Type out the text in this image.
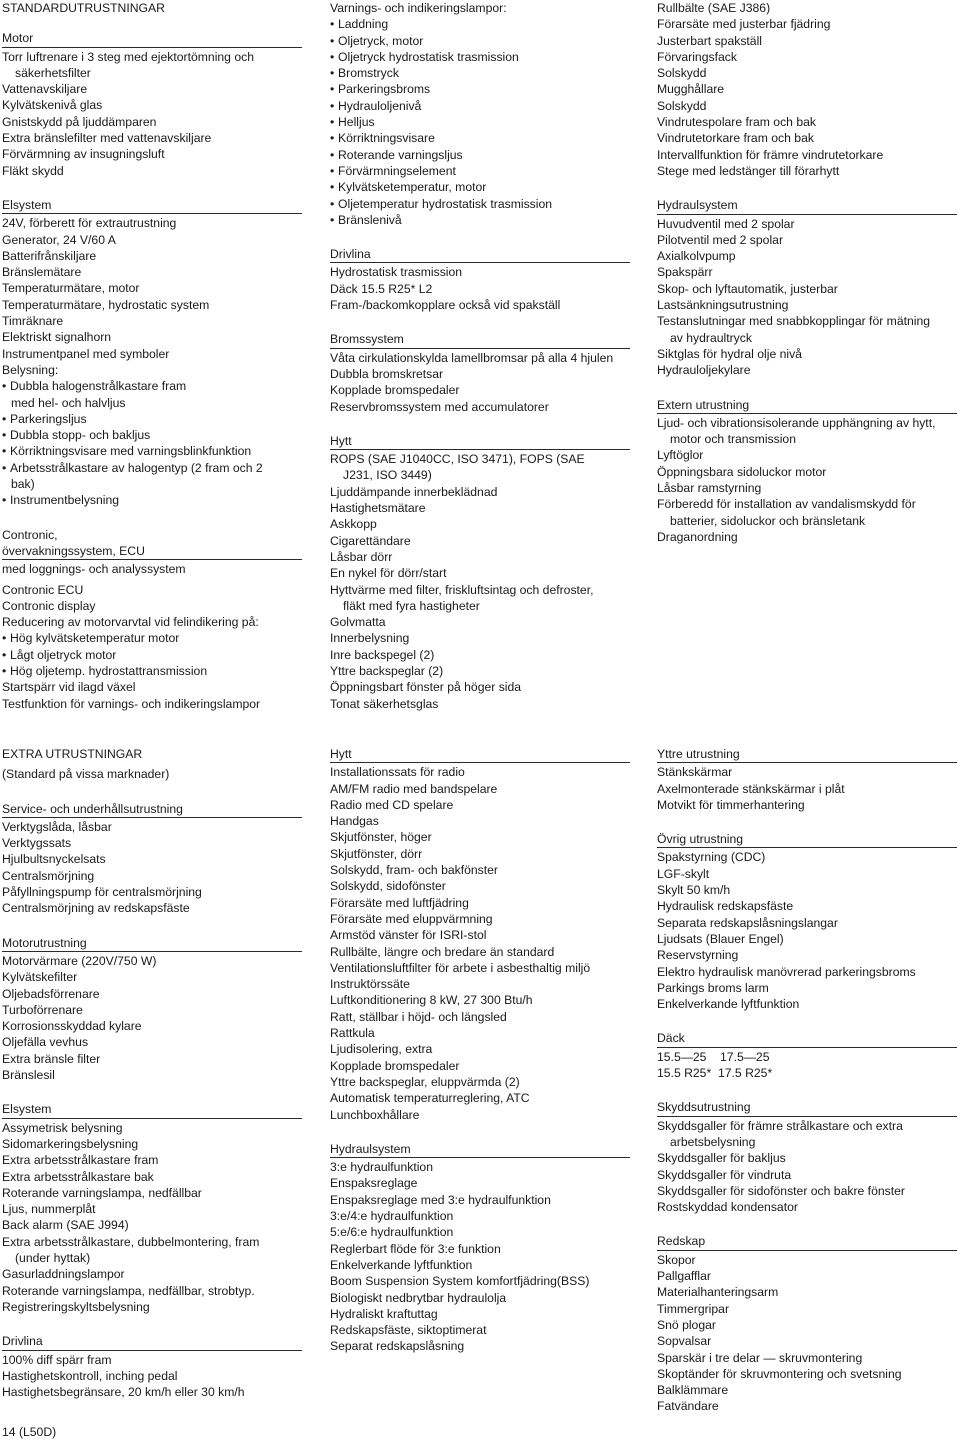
STANDARDUTRUSTNINGAR
Motor
Torr luftrenare i 3 steg med ejektortömning och
säkerhetsfilter
Vattenavskiljare
Kylvätskenivå glas
Gnistskydd på ljuddämparen
Extra bränslefilter med vattenavskiljare
Förvärmning av insugningsluft
Fläkt skydd
Elsystem
24V, förberett för extrautrustning
Generator, 24 V/60 A
Batterifrånskiljare
Bränslemätare
Temperaturmätare, motor
Temperaturmätare, hydrostatic system
Timräknare
Elektriskt signalhorn
Instrumentpanel med symboler
Belysning:
• Dubbla halogenstrålkastare fram
med hel- och halvljus
• Parkeringsljus
• Dubbla stopp- och bakljus
• Körriktningsvisare med varningsblinkfunktion
• Arbetsstrålkastare av halogentyp (2 fram och 2
bak)
• Instrumentbelysning
Contronic,
övervakningssystem, ECU
med loggnings- och analyssystem
Contronic ECU
Contronic display
Reducering av motorvarvtal vid felindikering på:
• Hög kylvätsketemperatur motor
• Lågt oljetryck motor
• Hög oljetemp. hydrostattransmission
Startspärr vid ilagd växel
Testfunktion för varnings- och indikeringslampor
Varnings- och indikeringslampor:
• Laddning
• Oljetryck, motor
• Oljetryck hydrostatisk trasmission
• Bromstryck
• Parkeringsbroms
• Hydrauloljenivå
• Helljus
• Körriktningsvisare
• Roterande varningsljus
• Förvärmningselement
• Kylvätsketemperatur, motor
• Oljetemperatur hydrostatisk trasmission
• Bränslenivå
Drivlina
Hydrostatisk trasmission
Däck 15.5 R25* L2
Fram-/backomkopplare också vid spakställ
Bromssystem
Våta cirkulationskylda lamellbromsar på alla 4 hjulen
Dubbla bromskretsar
Kopplade bromspedaler
Reservbromssystem med accumulatorer
Hytt
ROPS (SAE J1040CC, ISO 3471), FOPS (SAE
J231, ISO 3449)
Ljuddämpande innerbeklädnad
Hastighetsmätare
Askkopp
Cigarettändare
Låsbar dörr
En nykel för dörr/start
Hyttvärme med filter, friskluftsintag och defroster,
fläkt med fyra hastigheter
Golvmatta
Innerbelysning
Inre backspegel (2)
Yttre backspeglar (2)
Öppningsbart fönster på höger sida
Tonat säkerhetsglas
Rullbälte (SAE J386)
Förarsäte med justerbar fjädring
Justerbart spakställ
Förvaringsfack
Solskydd
Mugghållare
Solskydd
Vindrutespolare fram och bak
Vindrutetorkare fram och bak
Intervallfunktion för främre vindrutetorkare
Stege med ledstänger till förarhytt
Hydraulsystem
Huvudventil med 2 spolar
Pilotventil med 2 spolar
Axialkolvpump
Spakspärr
Skop- och lyftautomatik, justerbar
Lastsänkningsutrustning
Testanslutningar med snabbkopplingar för mätning
av hydraultryck
Siktglas för hydral olje nivå
Hydrauloljekylare
Extern utrustning
Ljud- och vibrationsisolerande upphängning av hytt,
motor och transmission
Lyftöglor
Öppningsbara sidoluckor motor
Låsbar ramstyrning
Förberedd för installation av vandalismskydd för
batterier, sidoluckor och bränsletank
Draganordning
EXTRA UTRUSTNINGAR
(Standard på vissa marknader)
Service- och underhållsutrustning
Verktygslåda, låsbar
Verktygssats
Hjulbultsnyckelsats
Centralsmörjning
Påfyllningspump för centralsmörjning
Centralsmörjning av redskapsfäste
Motorutrustning
Motorvärmare (220V/750 W)
Kylvätskefilter
Oljebadsförrenare
Turboförrenare
Korrosionsskyddad kylare
Oljefälla vevhus
Extra bränsle filter
Bränslesil
Elsystem
Assymetrisk belysning
Sidomarkeringsbelysning
Extra arbetsstrålkastare fram
Extra arbetsstrålkastare bak
Roterande varningslampa, nedfällbar
Ljus, nummerplåt
Back alarm (SAE J994)
Extra arbetsstrålkastare, dubbelmontering, fram
(under hyttak)
Gasurladdningslampor
Roterande varningslampa, nedfällbar, strobtyp.
Registreringskyltsbelysning
Drivlina
100% diff spärr fram
Hastighetskontroll, inching pedal
Hastighetsbegränsare, 20 km/h eller 30 km/h
Hytt
Installationssats för radio
AM/FM radio med bandspelare
Radio med CD spelare
Handgas
Skjutfönster, höger
Skjutfönster, dörr
Solskydd, fram- och bakfönster
Solskydd, sidofönster
Förarsäte med luftfjädring
Förarsäte med eluppvärmning
Armstöd vänster för ISRI-stol
Rullbälte, längre och bredare än standard
Ventilationsluftfilter för arbete i asbesthaltig miljö
Instruktörssäte
Luftkonditionering 8 kW, 27 300 Btu/h
Ratt, ställbar i höjd- och längsled
Rattkula
Ljudisolering, extra
Kopplade bromspedaler
Yttre backspeglar, eluppvärmda (2)
Automatisk temperaturreglering, ATC
Lunchboxhållare
Hydraulsystem
3:e hydraulfunktion
Enspaksreglage
Enspaksreglage med 3:e hydraulfunktion
3:e/4:e hydraulfunktion
5:e/6:e hydraulfunktion
Reglerbart flöde för 3:e funktion
Enkelverkande lyftfunktion
Boom Suspension System komfortfjädring(BSS)
Biologiskt nedbrytbar hydraulolja
Hydraliskt kraftuttag
Redskapsfäste, siktoptimerat
Separat redskapslåsning
Yttre utrustning
Stänkskärmar
Axelmonterade stänkskärmar i plåt
Motvikt för timmerhantering
Övrig utrustning
Spakstyrning (CDC)
LGF-skylt
Skylt 50 km/h
Hydraulisk redskapsfäste
Separata redskapslåsningslangar
Ljudsats (Blauer Engel)
Reservstyrning
Elektro hydraulisk manövrerad parkeringsbroms
Parkings broms larm
Enkelverkande lyftfunktion
Däck
15.5—25    17.5—25
15.5 R25*  17.5 R25*
Skyddsutrustning
Skyddsgaller för främre strålkastare och extra
arbetsbelysning
Skyddsgaller för bakljus
Skyddsgaller för vindruta
Skyddsgaller för sidofönster och bakre fönster
Rostskyddad kondensator
Redskap
Skopor
Pallgafflar
Materialhanteringsarm
Timmergripar
Snö plogar
Sopvalsar
Sparskär i tre delar — skruvmontering
Skoptänder för skruvmontering och svetsning
Balklämmare
Fatvändare
14 (L50D)
